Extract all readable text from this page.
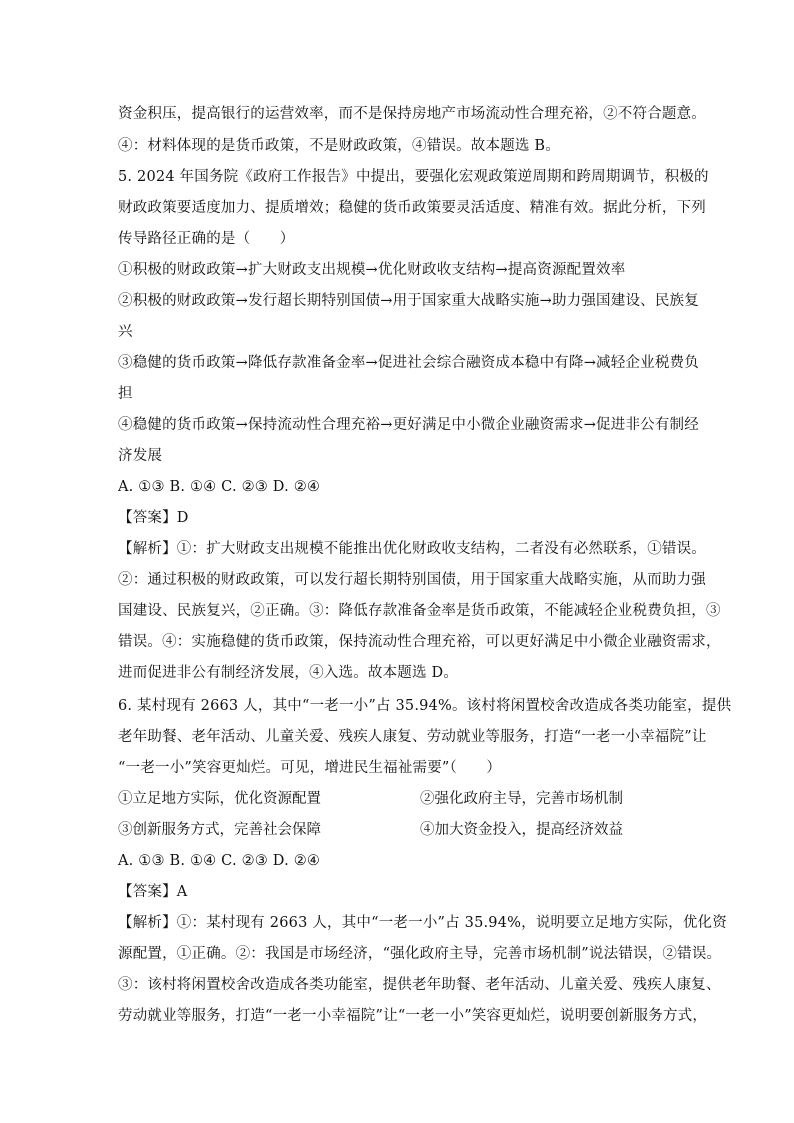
资金积压，提高银行的运营效率，而不是保持房地产市场流动性合理充裕，②不符合题意。
④：材料体现的是货币政策，不是财政政策，④错误。故本题选 B。
5. 2024 年国务院《政府工作报告》中提出，要强化宏观政策逆周期和跨周期调节，积极的
财政政策要适度加力、提质增效；稳健的货币政策要灵活适度、精准有效。据此分析，下列
传导路径正确的是（　　）
①积极的财政政策→扩大财政支出规模→优化财政收支结构→提高资源配置效率
②积极的财政政策→发行超长期特别国债→用于国家重大战略实施→助力强国建设、民族复
兴
③稳健的货币政策→降低存款准备金率→促进社会综合融资成本稳中有降→减轻企业税费负
担
④稳健的货币政策→保持流动性合理充裕→更好满足中小微企业融资需求→促进非公有制经
济发展
A. ①③ B. ①④ C. ②③ D. ②④
【答案】D
【解析】①：扩大财政支出规模不能推出优化财政收支结构，二者没有必然联系，①错误。
②：通过积极的财政政策，可以发行超长期特别国债，用于国家重大战略实施，从而助力强
国建设、民族复兴，②正确。③：降低存款准备金率是货币政策，不能减轻企业税费负担，③
错误。④：实施稳健的货币政策，保持流动性合理充裕，可以更好满足中小微企业融资需求，
进而促进非公有制经济发展，④入选。故本题选 D。
6. 某村现有 2663 人，其中“一老一小”占 35.94%。该村将闲置校舍改造成各类功能室，提供
老年助餐、老年活动、儿童关爱、残疾人康复、劳动就业等服务，打造“一老一小幸福院”让
“一老一小”笑容更灿烂。可见，增进民生福祉需要”（　　）
①立足地方实际，优化资源配置	②强化政府主导，完善市场机制
③创新服务方式，完善社会保障	④加大资金投入，提高经济效益
A. ①③ B. ①④ C. ②③ D. ②④
【答案】A
【解析】①：某村现有 2663 人，其中“一老一小”占 35.94%，说明要立足地方实际，优化资
源配置，①正确。②：我国是市场经济，“强化政府主导，完善市场机制”说法错误，②错误。
③：该村将闲置校舍改造成各类功能室，提供老年助餐、老年活动、儿童关爱、残疾人康复、
劳动就业等服务，打造“一老一小幸福院”让“一老一小”笑容更灿烂，说明要创新服务方式，
